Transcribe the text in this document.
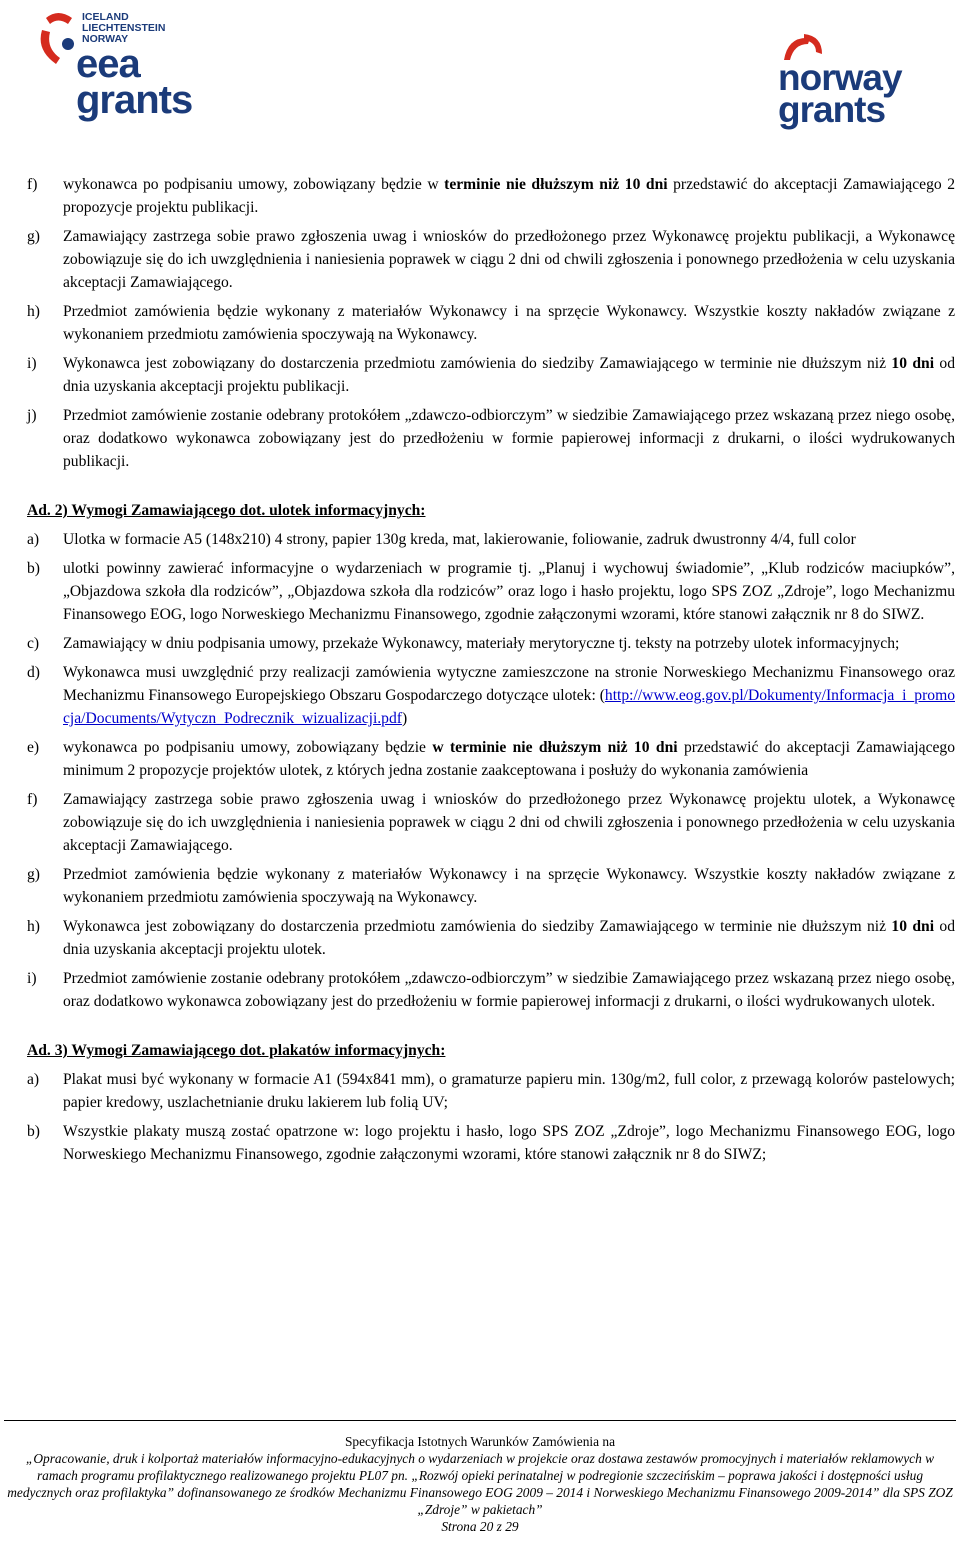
ICELAND
LIECHTENSTEIN
NORWAY
eea
grants
norway
grants
f)	wykonawca po podpisaniu umowy, zobowiązany będzie w terminie nie dłuższym niż 10 dni przedstawić do akceptacji Zamawiającego 2 propozycje projektu publikacji.
g)	Zamawiający zastrzega sobie prawo zgłoszenia uwag i wniosków do przedłożonego przez Wykonawcę projektu publikacji, a Wykonawcę zobowiązuje się do ich uwzględnienia i naniesienia poprawek w ciągu 2 dni od chwili zgłoszenia i ponownego przedłożenia w celu uzyskania akceptacji Zamawiającego.
h)	Przedmiot zamówienia będzie wykonany z materiałów Wykonawcy i na sprzęcie Wykonawcy. Wszystkie koszty nakładów związane z wykonaniem przedmiotu zamówienia spoczywają na Wykonawcy.
i)	Wykonawca jest zobowiązany do dostarczenia przedmiotu zamówienia do siedziby Zamawiającego w terminie nie dłuższym niż 10 dni od dnia uzyskania akceptacji projektu publikacji.
j)	Przedmiot zamówienie zostanie odebrany protokółem „zdawczo-odbiorczym” w siedzibie Zamawiającego przez wskazaną przez niego osobę, oraz dodatkowo wykonawca zobowiązany jest do przedłożeniu w formie papierowej informacji z drukarni, o ilości wydrukowanych publikacji.
Ad. 2) Wymogi Zamawiającego dot. ulotek informacyjnych:
a)	Ulotka w formacie A5 (148x210) 4 strony, papier 130g kreda, mat, lakierowanie, foliowanie, zadruk dwustronny 4/4, full color
b)	ulotki powinny zawierać informacyjne o wydarzeniach w programie tj. „Planuj i wychowuj świadomie”, „Klub rodziców maciupków”, „Objazdowa szkoła dla rodziców”, „Objazdowa szkoła dla rodziców” oraz logo i hasło projektu, logo SPS ZOZ „Zdroje”, logo Mechanizmu Finansowego EOG, logo Norweskiego Mechanizmu Finansowego, zgodnie załączonymi wzorami, które stanowi załącznik nr 8 do SIWZ.
c)	Zamawiający w dniu podpisania umowy, przekaże Wykonawcy, materiały merytoryczne tj. teksty na potrzeby ulotek informacyjnych;
d)	Wykonawca musi uwzględnić przy realizacji zamówienia wytyczne zamieszczone na stronie Norweskiego Mechanizmu Finansowego oraz Mechanizmu Finansowego Europejskiego Obszaru Gospodarczego dotyczące ulotek: (http://www.eog.gov.pl/Dokumenty/Informacja_i_promocja/Documents/Wytyczn_Podrecznik_wizualizacji.pdf)
e)	wykonawca po podpisaniu umowy, zobowiązany będzie w terminie nie dłuższym niż 10 dni przedstawić do akceptacji Zamawiającego minimum 2 propozycje projektów ulotek, z których jedna zostanie zaakceptowana i posłuży do wykonania zamówienia
f)	Zamawiający zastrzega sobie prawo zgłoszenia uwag i wniosków do przedłożonego przez Wykonawcę projektu ulotek, a Wykonawcę zobowiązuje się do ich uwzględnienia i naniesienia poprawek w ciągu 2 dni od chwili zgłoszenia i ponownego przedłożenia w celu uzyskania akceptacji Zamawiającego.
g)	Przedmiot zamówienia będzie wykonany z materiałów Wykonawcy i na sprzęcie Wykonawcy. Wszystkie koszty nakładów związane z wykonaniem przedmiotu zamówienia spoczywają na Wykonawcy.
h)	Wykonawca jest zobowiązany do dostarczenia przedmiotu zamówienia do siedziby Zamawiającego w terminie nie dłuższym niż 10 dni od dnia uzyskania akceptacji projektu ulotek.
i)	Przedmiot zamówienie zostanie odebrany protokółem „zdawczo-odbiorczym” w siedzibie Zamawiającego przez wskazaną przez niego osobę, oraz dodatkowo wykonawca zobowiązany jest do przedłożeniu w formie papierowej informacji z drukarni, o ilości wydrukowanych ulotek.
Ad. 3) Wymogi Zamawiającego dot. plakatów informacyjnych:
a)	Plakat musi być wykonany w formacie A1 (594x841 mm), o gramaturze papieru min. 130g/m2, full color, z przewagą kolorów pastelowych; papier kredowy, uszlachetnianie druku lakierem lub folią UV;
b)	Wszystkie plakaty muszą zostać opatrzone w: logo projektu i hasło, logo SPS ZOZ „Zdroje”, logo Mechanizmu Finansowego EOG, logo Norweskiego Mechanizmu Finansowego, zgodnie załączonymi wzorami, które stanowi załącznik nr 8 do SIWZ;
Specyfikacja Istotnych Warunków Zamówienia na
„Opracowanie, druk i kolportaż materiałów informacyjno-edukacyjnych o wydarzeniach w projekcie oraz dostawa zestawów promocyjnych i materiałów reklamowych w ramach programu profilaktycznego realizowanego projektu PL07 pn. „Rozwój opieki perinatalnej w podregionie szczecińskim – poprawa jakości i dostępności usług medycznych oraz profilaktyka” dofinansowanego ze środków Mechanizmu Finansowego EOG 2009 – 2014 i Norweskiego Mechanizmu Finansowego 2009-2014” dla SPS ZOZ „Zdroje” w pakietach”
Strona 20 z 29
